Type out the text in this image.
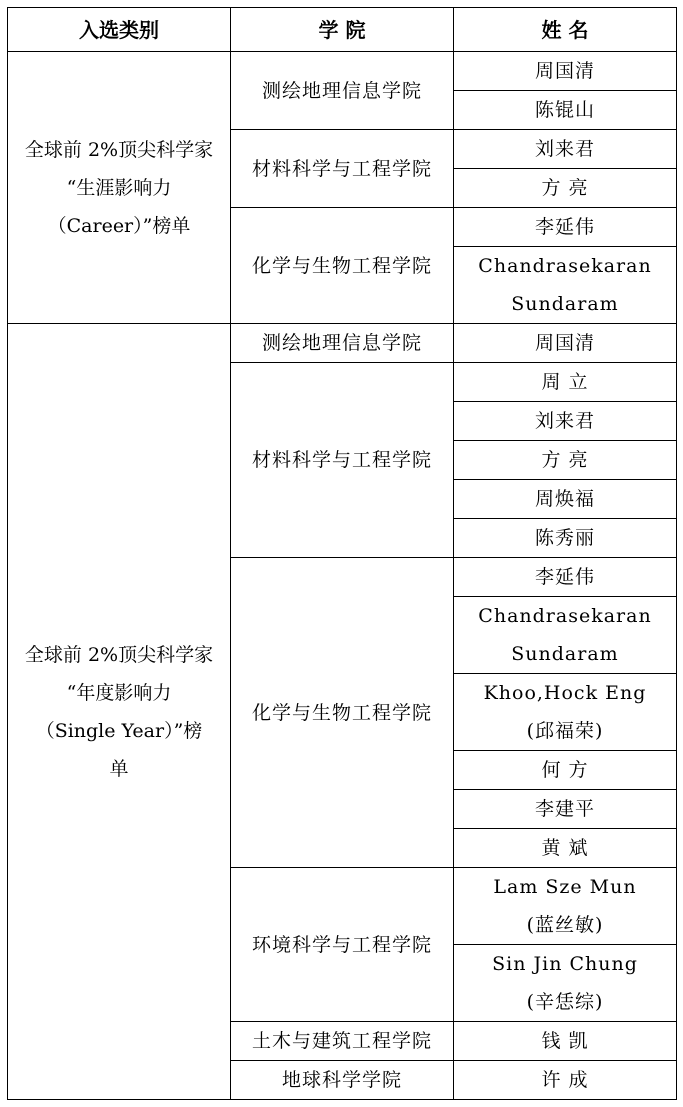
入选类别	学 院	姓 名

全球前 2%顶尖科学家
“生涯影响力
（Career）”榜单	测绘地理信息学院	周国清
		陈锟山
	材料科学与工程学院	刘来君
		方 亮
	化学与生物工程学院	李延伟

		Chandrasekaran
Sundaram

全球前 2%顶尖科学家
“年度影响力
（Single Year）”榜
单	测绘地理信息学院	周国清
	材料科学与工程学院	周 立
		刘来君
		方 亮
		周焕福
		陈秀丽
	化学与生物工程学院	李延伟

		Chandrasekaran
Sundaram

		Khoo,Hock Eng
(邱福荣)

		何 方
		李建平
		黄 斌
	环境科学与工程学院	Lam Sze Mun
(蓝丝敏)

		Sin Jin Chung
(辛恁综)

	土木与建筑工程学院	钱 凯
	地球科学学院	许 成
